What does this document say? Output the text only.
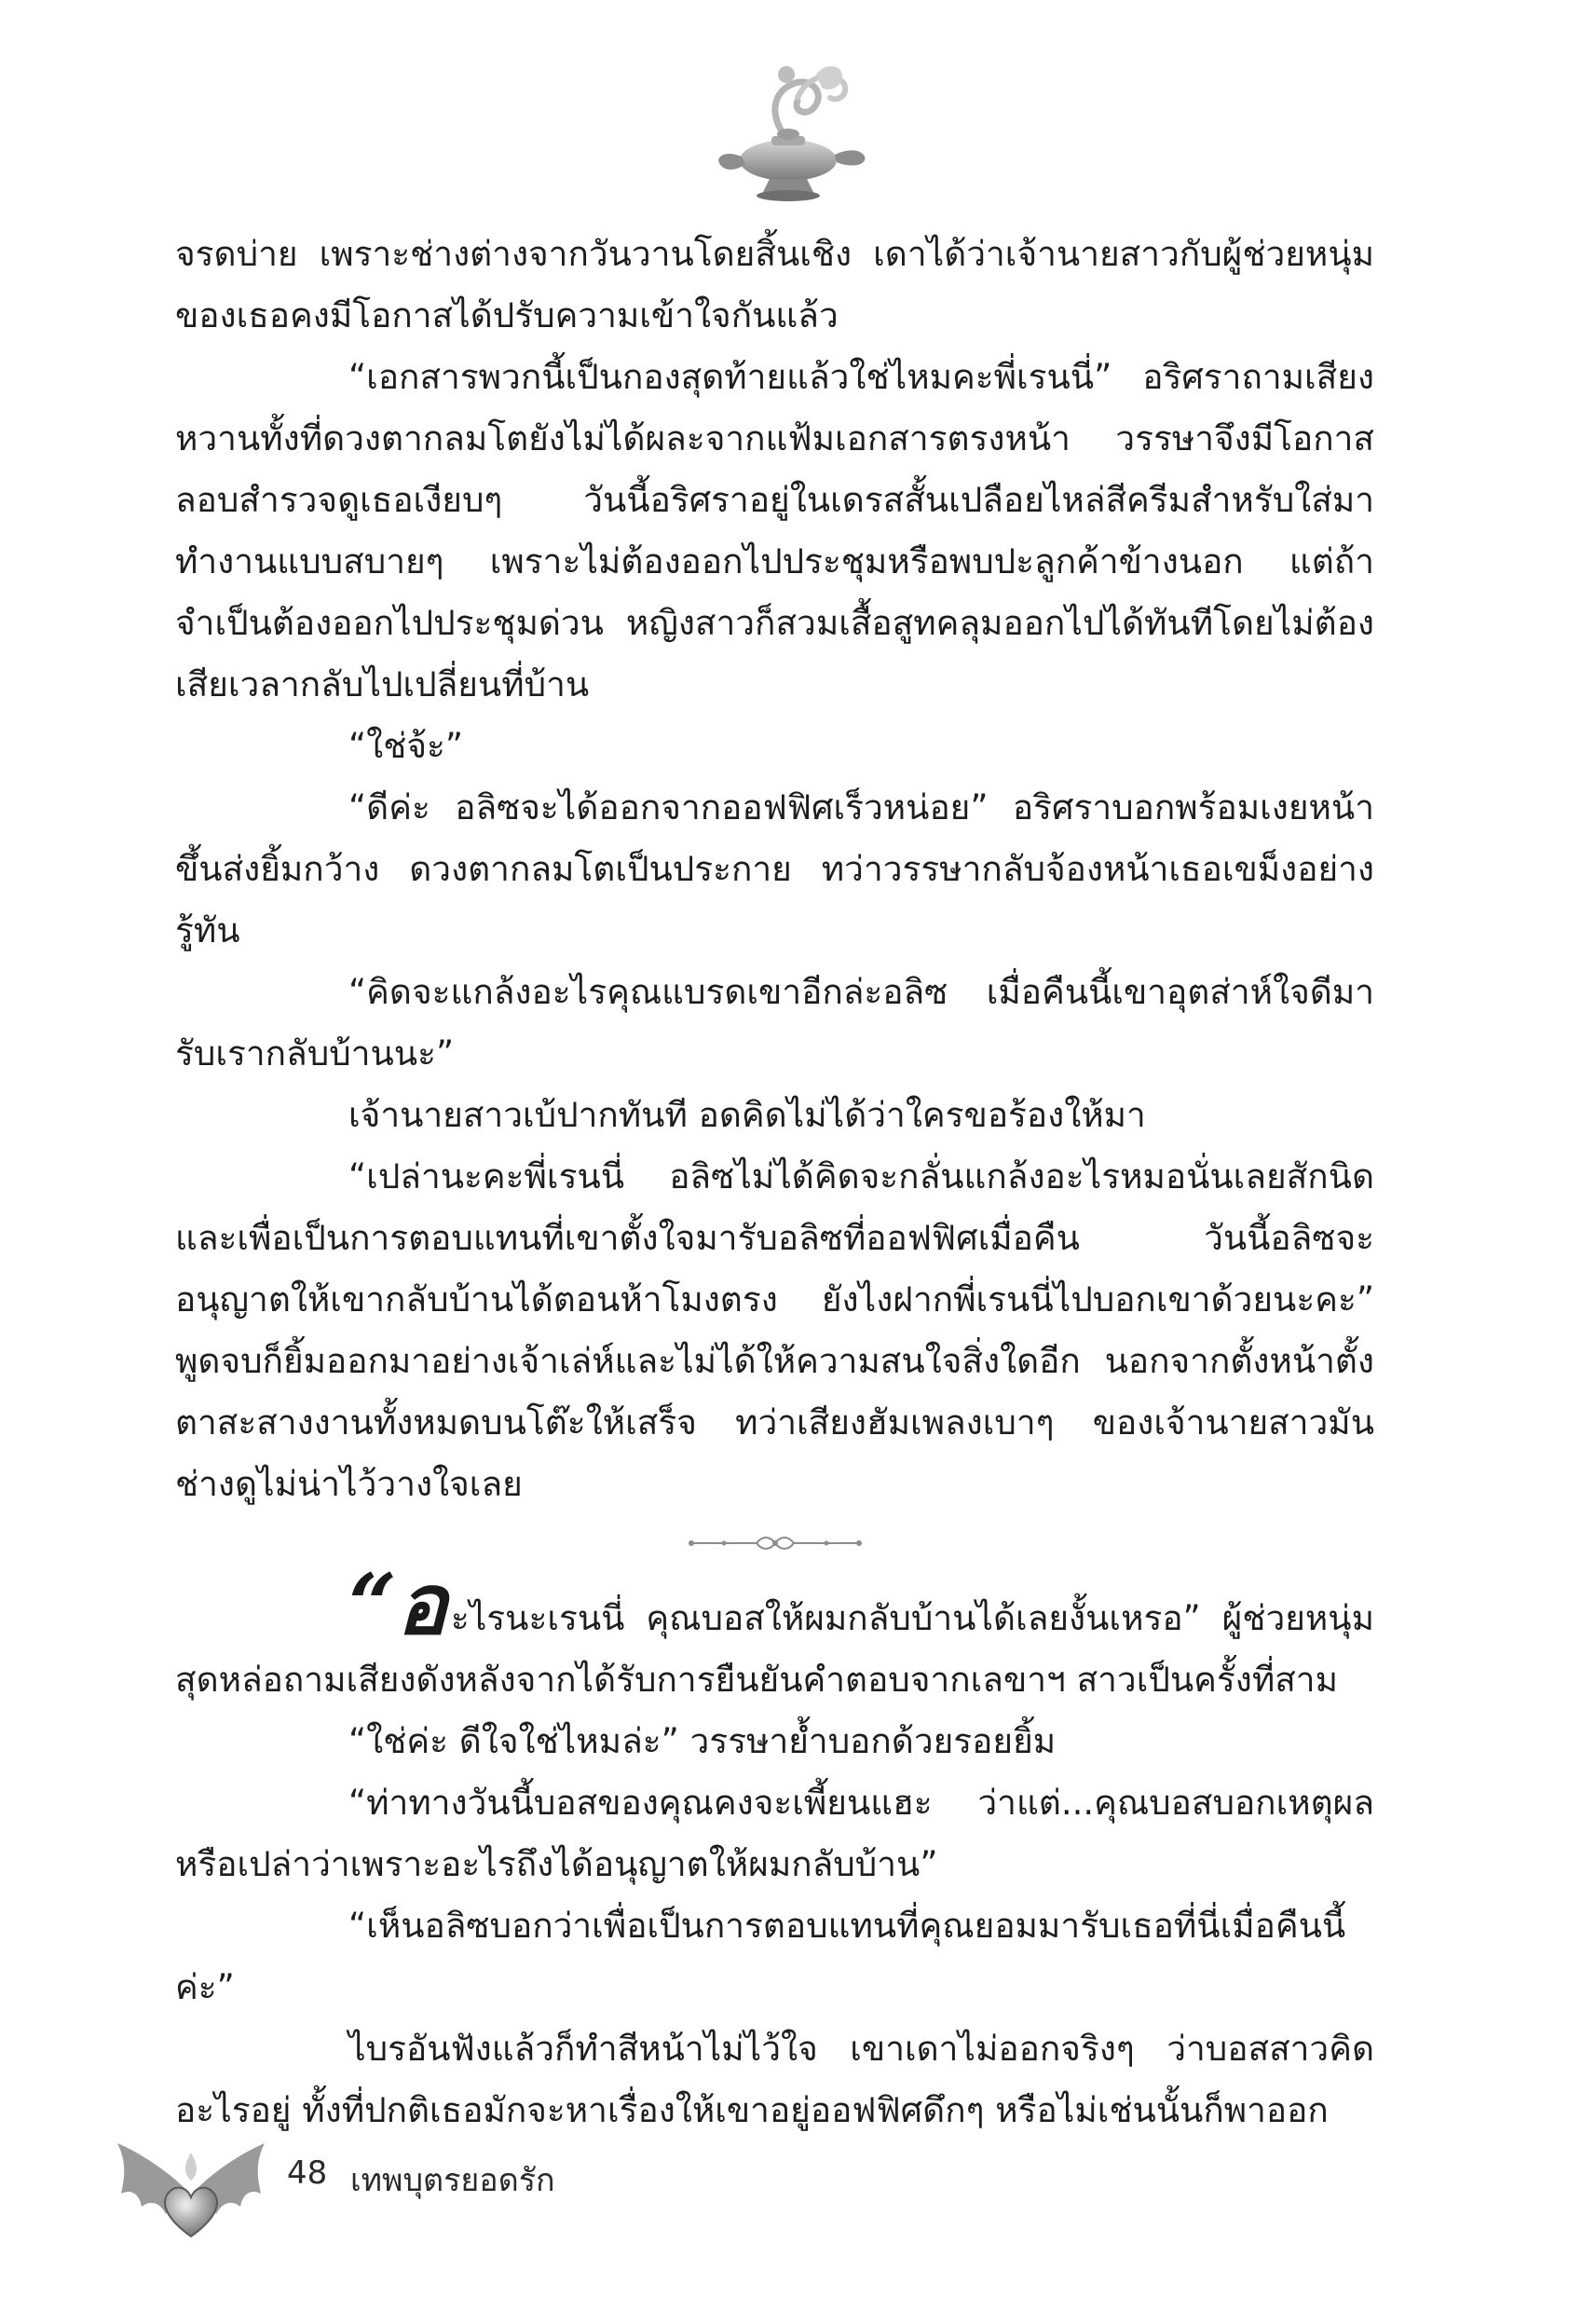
จรดบ่าย เพราะช่างต่างจากวันวานโดยสิ้นเชิง เดาได้ว่าเจ้านายสาวกับผู้ช่วยหนุ่มของเธอคงมีโอกาสได้ปรับความเข้าใจกันแล้ว

“เอกสารพวกนี้เป็นกองสุดท้ายแล้วใช่ไหมคะพี่เรนนี่” อริศราถามเสียงหวานทั้งที่ดวงตากลมโตยังไม่ได้ผละจากแฟ้มเอกสารตรงหน้า วรรษาจึงมีโอกาสลอบสำรวจดูเธอเงียบๆ วันนี้อริศราอยู่ในเดรสสั้นเปลือยไหล่สีครีมสำหรับใส่มาทำงานแบบสบายๆ เพราะไม่ต้องออกไปประชุมหรือพบปะลูกค้าข้างนอก แต่ถ้าจำเป็นต้องออกไปประชุมด่วน หญิงสาวก็สวมเสื้อสูทคลุมออกไปได้ทันทีโดยไม่ต้องเสียเวลากลับไปเปลี่ยนที่บ้าน

“ใช่จ้ะ”

“ดีค่ะ อลิซจะได้ออกจากออฟฟิศเร็วหน่อย” อริศราบอกพร้อมเงยหน้าขึ้นส่งยิ้มกว้าง ดวงตากลมโตเป็นประกาย ทว่าวรรษากลับจ้องหน้าเธอเขม็งอย่างรู้ทัน

“คิดจะแกล้งอะไรคุณแบรดเขาอีกล่ะอลิซ เมื่อคืนนี้เขาอุตส่าห์ใจดีมารับเรากลับบ้านนะ”

เจ้านายสาวเบ้ปากทันที อดคิดไม่ได้ว่าใครขอร้องให้มา

“เปล่านะคะพี่เรนนี่ อลิซไม่ได้คิดจะกลั่นแกล้งอะไรหมอนั่นเลยสักนิด และเพื่อเป็นการตอบแทนที่เขาตั้งใจมารับอลิซที่ออฟฟิศเมื่อคืน วันนี้อลิซจะอนุญาตให้เขากลับบ้านได้ตอนห้าโมงตรง ยังไงฝากพี่เรนนี่ไปบอกเขาด้วยนะคะ” พูดจบก็ยิ้มออกมาอย่างเจ้าเล่ห์และไม่ได้ให้ความสนใจสิ่งใดอีก นอกจากตั้งหน้าตั้งตาสะสางงานทั้งหมดบนโต๊ะให้เสร็จ ทว่าเสียงฮัมเพลงเบาๆ ของเจ้านายสาวมันช่างดูไม่น่าไว้วางใจเลย

“อะไรนะเรนนี่ คุณบอสให้ผมกลับบ้านได้เลยงั้นเหรอ” ผู้ช่วยหนุ่มสุดหล่อถามเสียงดังหลังจากได้รับการยืนยันคำตอบจากเลขาฯ สาวเป็นครั้งที่สาม

“ใช่ค่ะ ดีใจใช่ไหมล่ะ” วรรษาย้ำบอกด้วยรอยยิ้ม

“ท่าทางวันนี้บอสของคุณคงจะเพี้ยนแฮะ ว่าแต่...คุณบอสบอกเหตุผลหรือเปล่าว่าเพราะอะไรถึงได้อนุญาตให้ผมกลับบ้าน”

“เห็นอลิซบอกว่าเพื่อเป็นการตอบแทนที่คุณยอมมารับเธอที่นี่เมื่อคืนนี้ค่ะ”

ไบรอันฟังแล้วก็ทำสีหน้าไม่ไว้ใจ เขาเดาไม่ออกจริงๆ ว่าบอสสาวคิดอะไรอยู่ ทั้งที่ปกติเธอมักจะหาเรื่องให้เขาอยู่ออฟฟิศดึกๆ หรือไม่เช่นนั้นก็พาออก

48 เทพบุตรยอดรัก
